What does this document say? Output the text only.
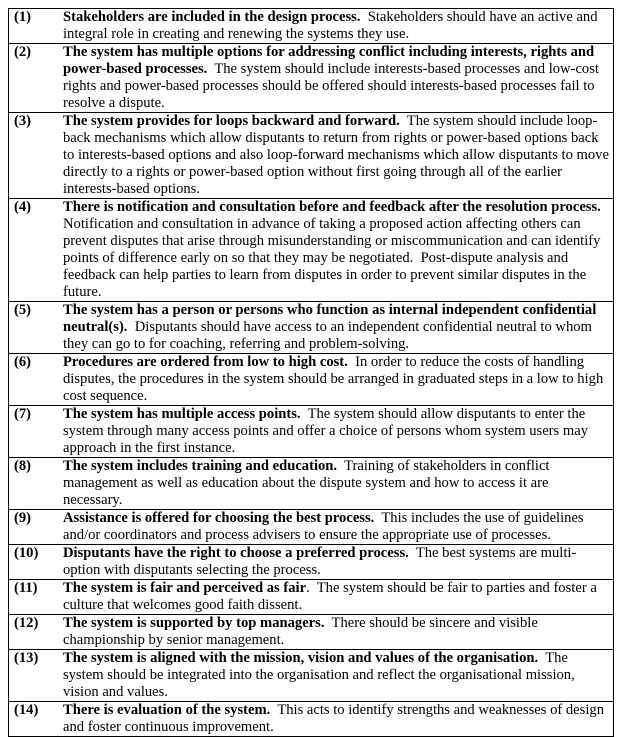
(1)	Stakeholders are included in the design process.  Stakeholders should have an active and integral role in creating and renewing the systems they use.
(2)	The system has multiple options for addressing conflict including interests, rights and power-based processes.  The system should include interests-based processes and low-cost rights and power-based processes should be offered should interests-based processes fail to resolve a dispute.
(3)	The system provides for loops backward and forward.  The system should include loop-back mechanisms which allow disputants to return from rights or power-based options back to interests-based options and also loop-forward mechanisms which allow disputants to move directly to a rights or power-based option without first going through all of the earlier interests-based options.
(4)	There is notification and consultation before and feedback after the resolution process.  Notification and consultation in advance of taking a proposed action affecting others can prevent disputes that arise through misunderstanding or miscommunication and can identify points of difference early on so that they may be negotiated.  Post-dispute analysis and feedback can help parties to learn from disputes in order to prevent similar disputes in the future.
(5)	The system has a person or persons who function as internal independent confidential neutral(s).  Disputants should have access to an independent confidential neutral to whom they can go to for coaching, referring and problem-solving.
(6)	Procedures are ordered from low to high cost.  In order to reduce the costs of handling disputes, the procedures in the system should be arranged in graduated steps in a low to high cost sequence.
(7)	The system has multiple access points.  The system should allow disputants to enter the system through many access points and offer a choice of persons whom system users may approach in the first instance.
(8)	The system includes training and education.  Training of stakeholders in conflict management as well as education about the dispute system and how to access it are necessary.
(9)	Assistance is offered for choosing the best process.  This includes the use of guidelines and/or coordinators and process advisers to ensure the appropriate use of processes.
(10)	Disputants have the right to choose a preferred process.  The best systems are multi-option with disputants selecting the process.
(11)	The system is fair and perceived as fair.  The system should be fair to parties and foster a culture that welcomes good faith dissent.
(12)	The system is supported by top managers.  There should be sincere and visible championship by senior management.
(13)	The system is aligned with the mission, vision and values of the organisation.  The system should be integrated into the organisation and reflect the organisational mission, vision and values.
(14)	There is evaluation of the system.  This acts to identify strengths and weaknesses of design and foster continuous improvement.
